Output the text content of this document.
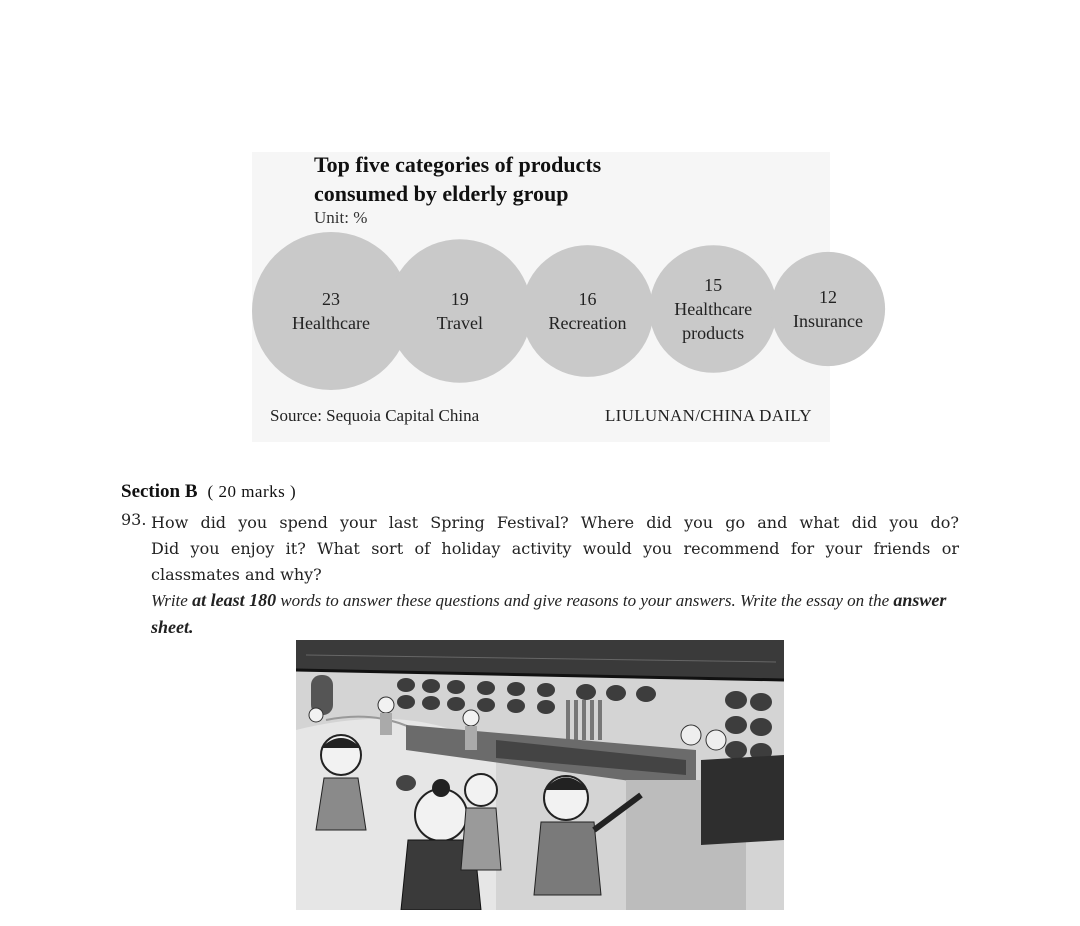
Top five categories of products
consumed by elderly group
Unit: %
23
Healthcare
19
Travel
16
Recreation
15
Healthcare
products
12
Insurance
Source: Sequoia Capital China	LIULUNAN/CHINA DAILY
Section B ( 20 marks )
93. How did you spend your last Spring Festival? Where did you go and what did you do?
Did you enjoy it? What sort of holiday activity would you recommend for your friends or
classmates and why?
Write at least 180 words to answer these questions and give reasons to your answers. Write the essay on the answer sheet.
